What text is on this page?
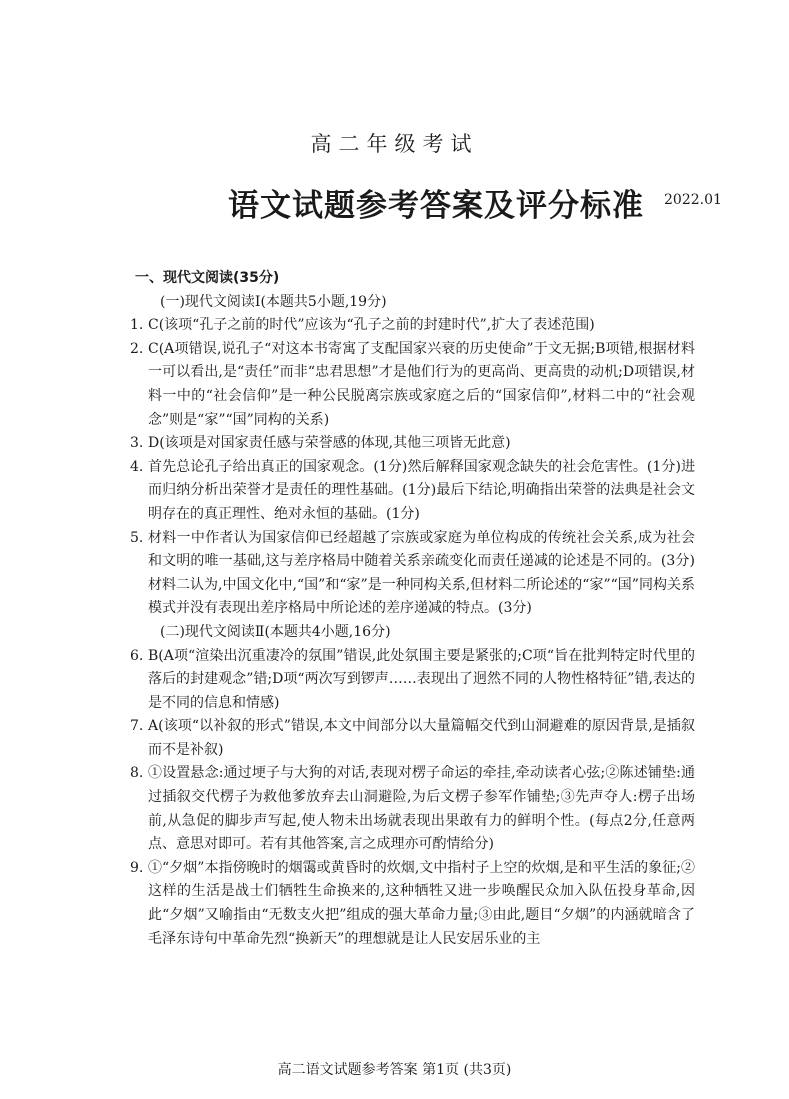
高二年级考试
语文试题参考答案及评分标准 2022.01
一、现代文阅读(35分)
(一)现代文阅读Ⅰ(本题共5小题,19分)
1. C(该项“孔子之前的时代”应该为“孔子之前的封建时代”,扩大了表述范围)
2. C(A项错误,说孔子“对这本书寄寓了支配国家兴衰的历史使命”于文无据;B项错,根据材料一可以看出,是“责任”而非“忠君思想”才是他们行为的更高尚、更高贵的动机;D项错误,材料一中的“社会信仰”是一种公民脱离宗族或家庭之后的“国家信仰”,材料二中的“社会观念”则是“家”“国”同构的关系)
3. D(该项是对国家责任感与荣誉感的体现,其他三项皆无此意)
4. 首先总论孔子给出真正的国家观念。(1分)然后解释国家观念缺失的社会危害性。(1分)进而归纳分析出荣誉才是责任的理性基础。(1分)最后下结论,明确指出荣誉的法典是社会文明存在的真正理性、绝对永恒的基础。(1分)
5. 材料一中作者认为国家信仰已经超越了宗族或家庭为单位构成的传统社会关系,成为社会和文明的唯一基础,这与差序格局中随着关系亲疏变化而责任递减的论述是不同的。(3分)材料二认为,中国文化中,“国”和“家”是一种同构关系,但材料二所论述的“家”“国”同构关系模式并没有表现出差序格局中所论述的差序递减的特点。(3分)
(二)现代文阅读Ⅱ(本题共4小题,16分)
6. B(A项“渲染出沉重凄冷的氛围”错误,此处氛围主要是紧张的;C项“旨在批判特定时代里的落后的封建观念”错;D项“两次写到锣声……表现出了迥然不同的人物性格特征”错,表达的是不同的信息和情感)
7. A(该项“以补叙的形式”错误,本文中间部分以大量篇幅交代到山洞避难的原因背景,是插叙而不是补叙)
8. ①设置悬念:通过埂子与大狗的对话,表现对楞子命运的牵挂,牵动读者心弦;②陈述铺垫:通过插叙交代楞子为救他爹放弃去山洞避险,为后文楞子参军作铺垫;③先声夺人:楞子出场前,从急促的脚步声写起,使人物未出场就表现出果敢有力的鲜明个性。(每点2分,任意两点、意思对即可。若有其他答案,言之成理亦可酌情给分)
9. ①“夕烟”本指傍晚时的烟霭或黄昏时的炊烟,文中指村子上空的炊烟,是和平生活的象征;②这样的生活是战士们牺牲生命换来的,这种牺牲又进一步唤醒民众加入队伍投身革命,因此“夕烟”又喻指由“无数支火把”组成的强大革命力量;③由此,题目“夕烟”的内涵就暗含了毛泽东诗句中革命先烈“换新天”的理想就是让人民安居乐业的主
高二语文试题参考答案 第1页 (共3页)
